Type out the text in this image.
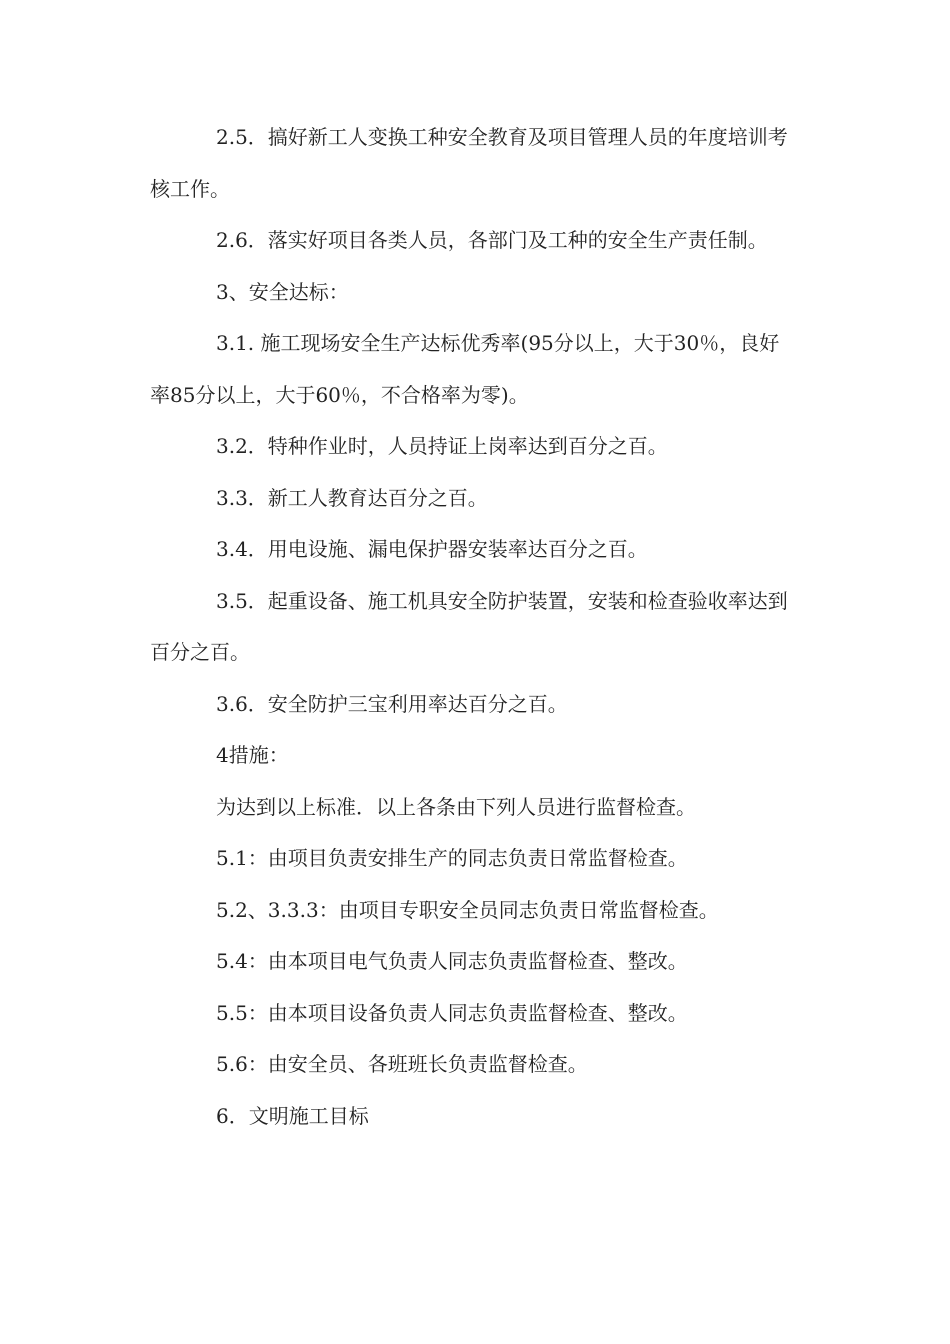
2.5．搞好新工人变换工种安全教育及项目管理人员的年度培训考核工作。

2.6．落实好项目各类人员，各部门及工种的安全生产责任制。

3、安全达标：

3.1. 施工现场安全生产达标优秀率(95分以上，大于30％，良好率85分以上，大于60％，不合格率为零)。

3.2．特种作业时，人员持证上岗率达到百分之百。

3.3．新工人教育达百分之百。

3.4．用电设施、漏电保护器安装率达百分之百。

3.5．起重设备、施工机具安全防护装置，安装和检查验收率达到百分之百。

3.6．安全防护三宝利用率达百分之百。

4措施：

为达到以上标准．以上各条由下列人员进行监督检查。

5.1：由项目负责安排生产的同志负责日常监督检查。

5.2、3.3.3：由项目专职安全员同志负责日常监督检查。

5.4：由本项目电气负责人同志负责监督检查、整改。

5.5：由本项目设备负责人同志负责监督检查、整改。

5.6：由安全员、各班班长负责监督检查。

6．文明施工目标
